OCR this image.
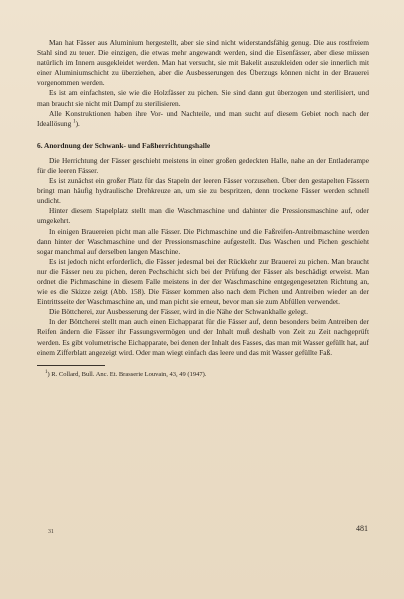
Man hat Fässer aus Aluminium hergestellt, aber sie sind nicht widerstandsfähig genug. Die aus rostfreiem Stahl sind zu teuer. Die einzigen, die etwas mehr angewandt werden, sind die Eisenfässer, aber diese müssen natürlich im Innern ausgekleidet werden. Man hat versucht, sie mit Bakelit auszukleiden oder sie innerlich mit einer Aluminiumschicht zu überziehen, aber die Ausbesserungen des Überzugs können nicht in der Brauerei vorgenommen werden.

Es ist am einfachsten, sie wie die Holzfässer zu pichen. Sie sind dann gut überzogen und sterilisiert, und man braucht sie nicht mit Dampf zu sterilisieren.

Alle Konstruktionen haben ihre Vor- und Nachteile, und man sucht auf diesem Gebiet noch nach der Ideallösung $^1$).

6. Anordnung der Schwank- und Faßherrichtungshalle

Die Herrichtung der Fässer geschieht meistens in einer großen gedeckten Halle, nahe an der Entladerampe für die leeren Fässer.

Es ist zunächst ein großer Platz für das Stapeln der leeren Fässer vorzusehen. Über den gestapelten Fässern bringt man häufig hydraulische Drehkreuze an, um sie zu bespritzen, denn trockene Fässer werden schnell undicht.

Hinter diesem Stapelplatz stellt man die Waschmaschine und dahinter die Pressionsmaschine auf, oder umgekehrt.

In einigen Brauereien picht man alle Fässer. Die Pichmaschine und die Faßreifen-Antreibmaschine werden dann hinter der Waschmaschine und der Pressionsmaschine aufgestellt. Das Waschen und Pichen geschieht sogar manchmal auf derselben langen Maschine.

Es ist jedoch nicht erforderlich, die Fässer jedesmal bei der Rückkehr zur Brauerei zu pichen. Man braucht nur die Fässer neu zu pichen, deren Pechschicht sich bei der Prüfung der Fässer als beschädigt erweist. Man ordnet die Pichmaschine in diesem Falle meistens in der der Waschmaschine entgegengesetzten Richtung an, wie es die Skizze zeigt (Abb. 158). Die Fässer kommen also nach dem Pichen und Antreiben wieder an der Eintrittsseite der Waschmaschine an, und man picht sie erneut, bevor man sie zum Abfüllen verwendet.

Die Böttcherei, zur Ausbesserung der Fässer, wird in die Nähe der Schwankhalle gelegt.

In der Böttcherei stellt man auch einen Eichapparat für die Fässer auf, denn besonders beim Antreiben der Reifen ändern die Fässer ihr Fassungsvermögen und der Inhalt muß deshalb von Zeit zu Zeit nachgeprüft werden. Es gibt volumetrische Eichapparate, bei denen der Inhalt des Fasses, das man mit Wasser gefüllt hat, auf einem Zifferblatt angezeigt wird. Oder man wiegt einfach das leere und das mit Wasser gefüllte Faß.

$^1$) R. Collard, Bull. Anc. Et. Brasserie Louvain, 43, 49 (1947).

31	481
